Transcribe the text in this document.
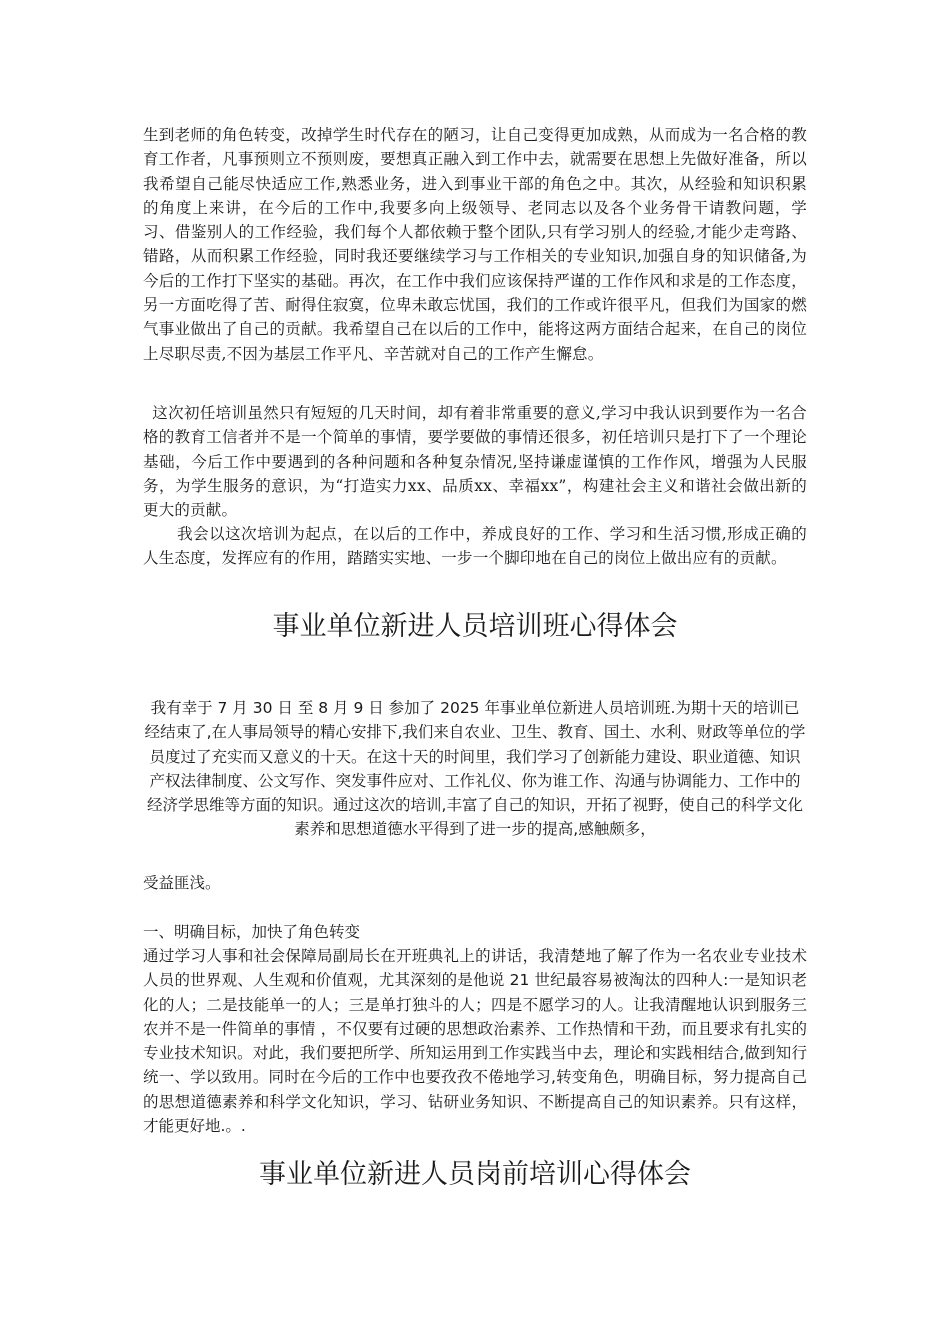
生到老师的角色转变，改掉学生时代存在的陋习，让自己变得更加成熟，从而成为一名合格的教育工作者，凡事预则立不预则废，要想真正融入到工作中去，就需要在思想上先做好准备，所以我希望自己能尽快适应工作,熟悉业务，进入到事业干部的角色之中。其次，从经验和知识积累的角度上来讲，在今后的工作中,我要多向上级领导、老同志以及各个业务骨干请教问题，学习、借鉴别人的工作经验，我们每个人都依赖于整个团队,只有学习别人的经验,才能少走弯路、错路，从而积累工作经验，同时我还要继续学习与工作相关的专业知识,加强自身的知识储备,为今后的工作打下坚实的基础。再次，在工作中我们应该保持严谨的工作作风和求是的工作态度，另一方面吃得了苦、耐得住寂寞，位卑未敢忘忧国，我们的工作或许很平凡，但我们为国家的燃气事业做出了自己的贡献。我希望自己在以后的工作中，能将这两方面结合起来，在自己的岗位上尽职尽责,不因为基层工作平凡、辛苦就对自己的工作产生懈怠。

这次初任培训虽然只有短短的几天时间，却有着非常重要的意义,学习中我认识到要作为一名合格的教育工信者并不是一个简单的事情，要学要做的事情还很多，初任培训只是打下了一个理论基础，今后工作中要遇到的各种问题和各种复杂情况,坚持谦虚谨慎的工作作风，增强为人民服务，为学生服务的意识，为“打造实力xx、品质xx、幸福xx”，构建社会主义和谐社会做出新的更大的贡献。

我会以这次培训为起点，在以后的工作中，养成良好的工作、学习和生活习惯,形成正确的人生态度，发挥应有的作用，踏踏实实地、一步一个脚印地在自己的岗位上做出应有的贡献。

事业单位新进人员培训班心得体会

我有幸于 7 月 30 日 至 8 月 9 日 参加了 2025 年事业单位新进人员培训班.为期十天的培训已经结束了,在人事局领导的精心安排下,我们来自农业、卫生、教育、国土、水利、财政等单位的学员度过了充实而又意义的十天。在这十天的时间里，我们学习了创新能力建设、职业道德、知识产权法律制度、公文写作、突发事件应对、工作礼仪、你为谁工作、沟通与协调能力、工作中的经济学思维等方面的知识。通过这次的培训,丰富了自己的知识，开拓了视野，使自己的科学文化素养和思想道德水平得到了进一步的提高,感触颇多，

受益匪浅。

一、明确目标，加快了角色转变

通过学习人事和社会保障局副局长在开班典礼上的讲话，我清楚地了解了作为一名农业专业技术人员的世界观、人生观和价值观，尤其深刻的是他说 21 世纪最容易被淘汰的四种人:一是知识老化的人；二是技能单一的人；三是单打独斗的人；四是不愿学习的人。让我清醒地认识到服务三农并不是一件简单的事情 ，不仅要有过硬的思想政治素养、工作热情和干劲，而且要求有扎实的专业技术知识。对此，我们要把所学、所知运用到工作实践当中去，理论和实践相结合,做到知行统一、学以致用。同时在今后的工作中也要孜孜不倦地学习,转变角色，明确目标，努力提高自己的思想道德素养和科学文化知识，学习、钻研业务知识、不断提高自己的知识素养。只有这样，才能更好地.。.

事业单位新进人员岗前培训心得体会
